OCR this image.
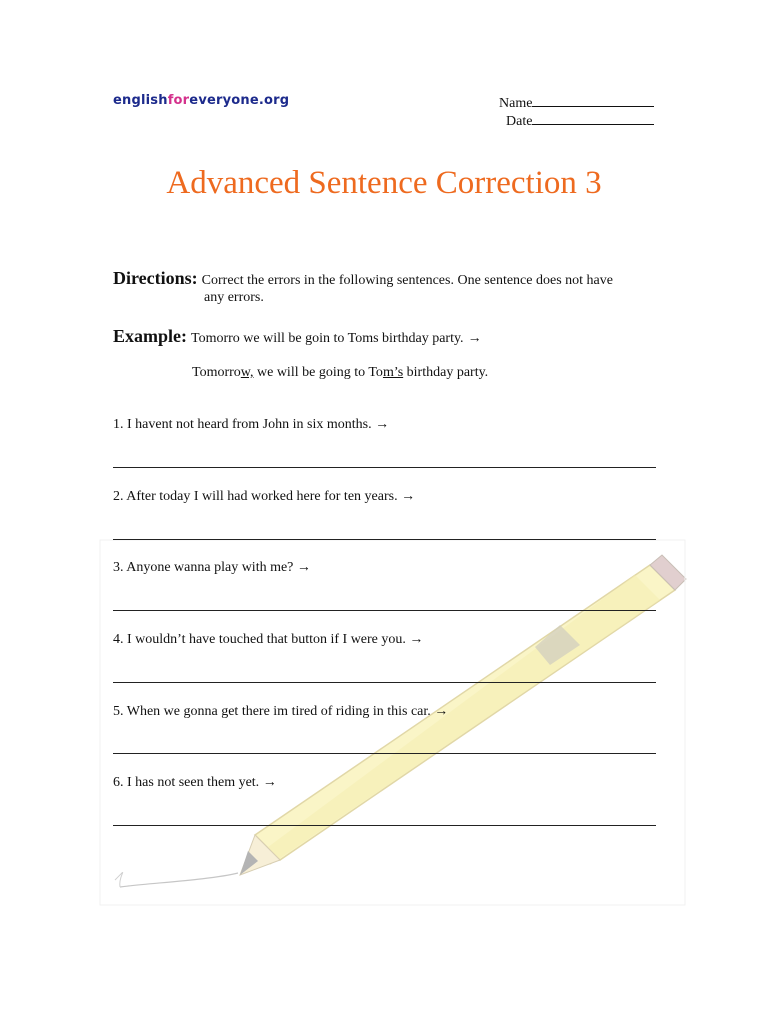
englishforeveryone.org	Name
Date
Advanced Sentence Correction 3
Directions: Correct the errors in the following sentences. One sentence does not have
any errors.
Example: Tomorro we will be goin to Toms birthday party. →
Tomorrow, we will be going to Tom’s birthday party.
1. I havent not heard from John in six months. →
2. After today I will had worked here for ten years. →
3. Anyone wanna play with me? →
4. I wouldn’t have touched that button if I were you. →
5. When we gonna get there im tired of riding in this car. →
6. I has not seen them yet. →
